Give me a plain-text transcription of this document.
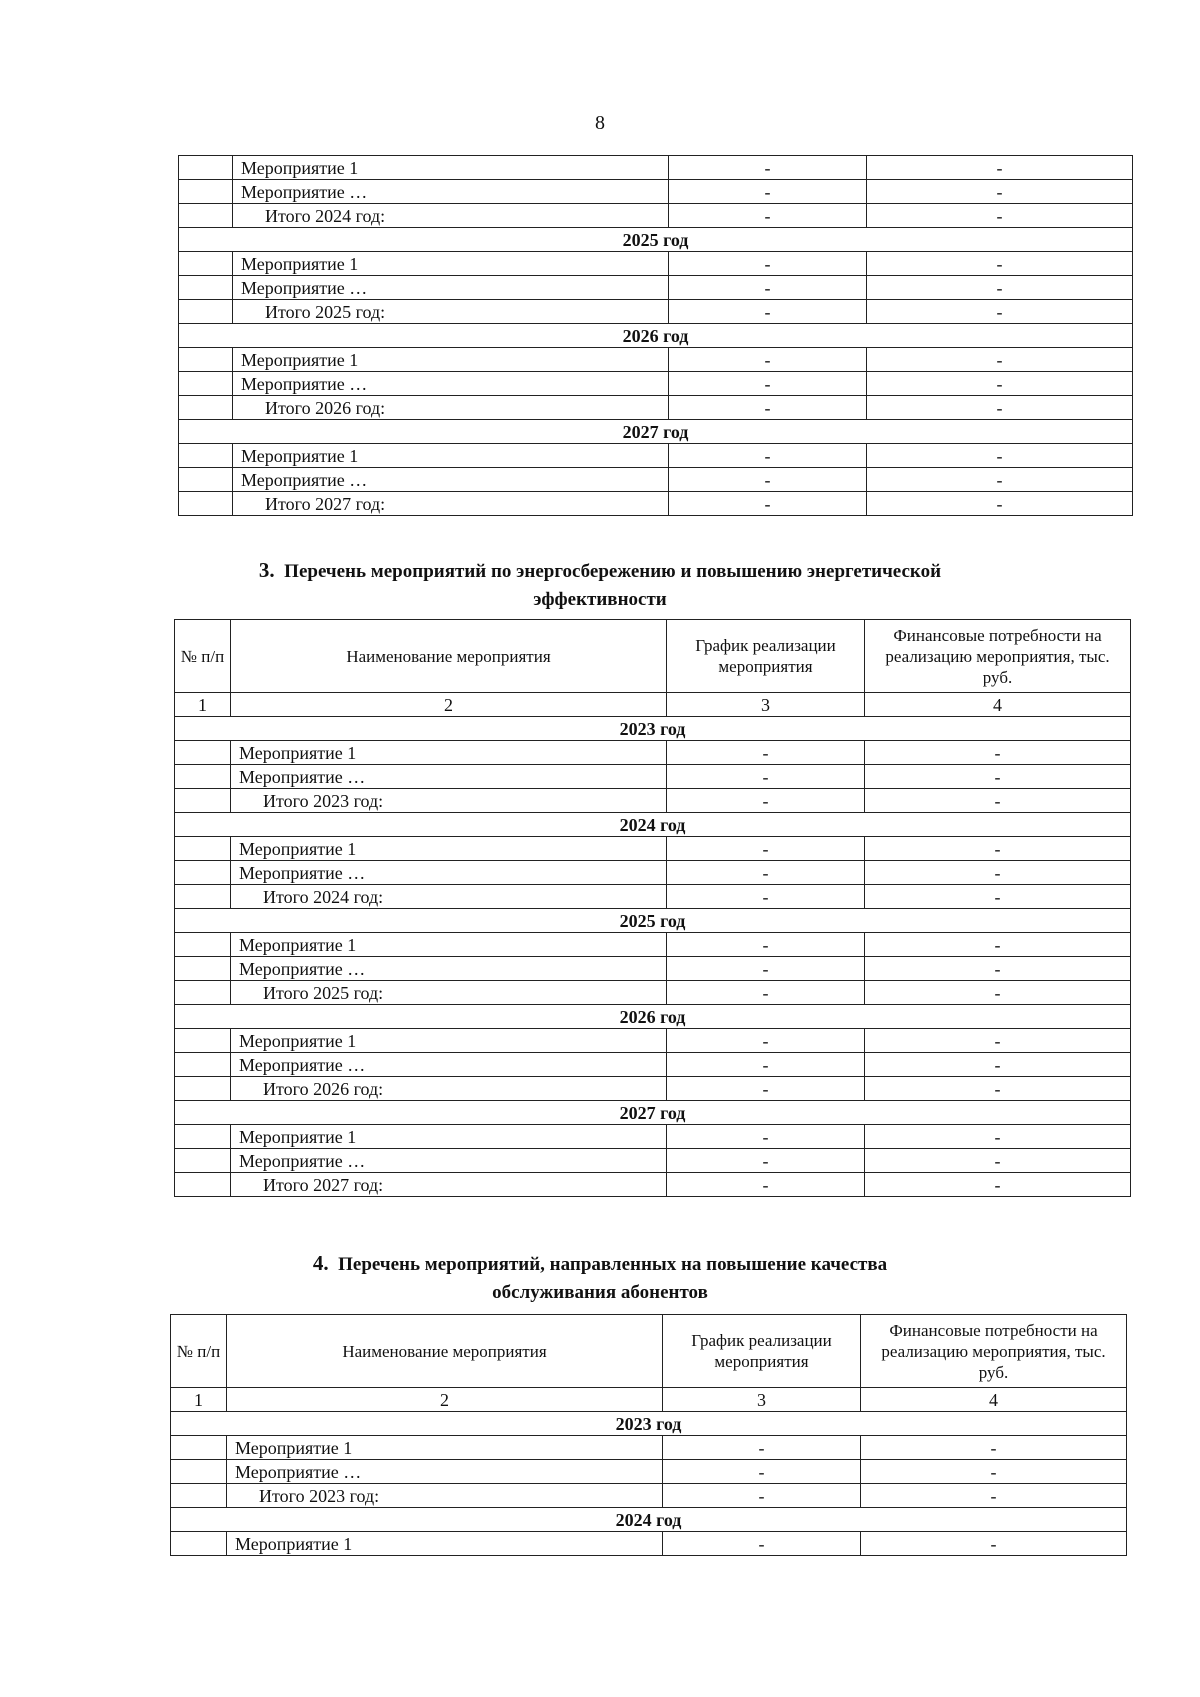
8
	Мероприятие 1	-	-
	Мероприятие …	-	-
	Итого 2024 год:	-	-
2025 год			
	Мероприятие 1	-	-
	Мероприятие …	-	-
	Итого 2025 год:	-	-
2026 год			
	Мероприятие 1	-	-
	Мероприятие …	-	-
	Итого 2026 год:	-	-
2027 год			
	Мероприятие 1	-	-
	Мероприятие …	-	-
	Итого 2027 год:	-	-
3. Перечень мероприятий по энергосбережению и повышению энергетической
эффективности
№ п/п	Наименование мероприятия	График реализации мероприятия	Финансовые потребности на реализацию мероприятия, тыс. руб.
1	2	3	4
2023 год			
	Мероприятие 1	-	-
	Мероприятие …	-	-
	Итого 2023 год:	-	-
2024 год			
	Мероприятие 1	-	-
	Мероприятие …	-	-
	Итого 2024 год:	-	-
2025 год			
	Мероприятие 1	-	-
	Мероприятие …	-	-
	Итого 2025 год:	-	-
2026 год			
	Мероприятие 1	-	-
	Мероприятие …	-	-
	Итого 2026 год:	-	-
2027 год			
	Мероприятие 1	-	-
	Мероприятие …	-	-
	Итого 2027 год:	-	-
4. Перечень мероприятий, направленных на повышение качества
обслуживания абонентов
№ п/п	Наименование мероприятия	График реализации мероприятия	Финансовые потребности на реализацию мероприятия, тыс. руб.
1	2	3	4
2023 год			
	Мероприятие 1	-	-
	Мероприятие …	-	-
	Итого 2023 год:	-	-
2024 год			
	Мероприятие 1	-	-
